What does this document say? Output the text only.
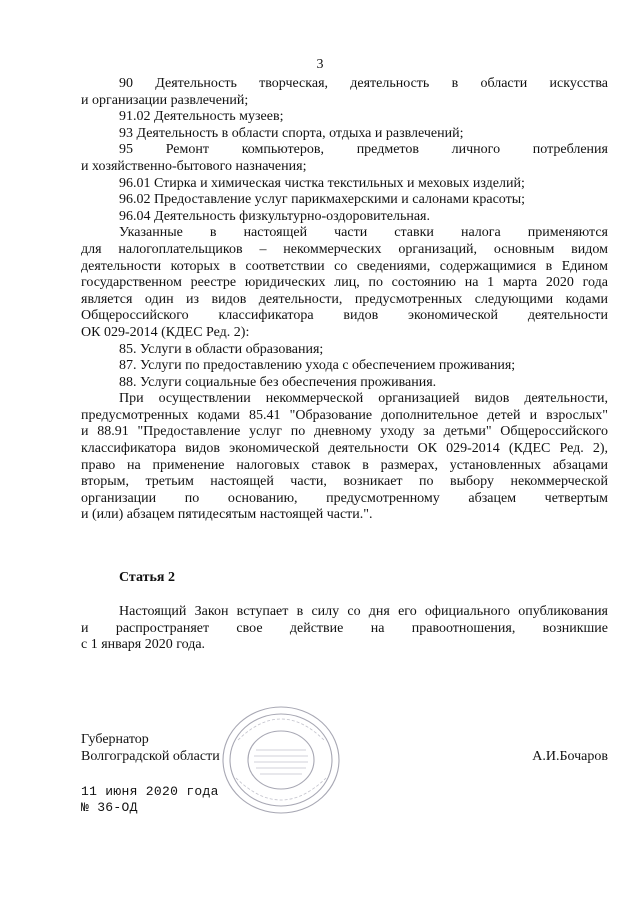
3

90 Деятельность творческая, деятельность в области искусства

и организации развлечений;

91.02 Деятельность музеев;

93 Деятельность в области спорта, отдыха и развлечений;

95 Ремонт компьютеров, предметов личного потребления

и хозяйственно-бытового назначения;

96.01 Стирка и химическая чистка текстильных и меховых изделий;

96.02 Предоставление услуг парикмахерскими и салонами красоты;

96.04 Деятельность физкультурно-оздоровительная.

Указанные в настоящей части ставки налога применяются

для налогоплательщиков – некоммерческих организаций, основным видом

деятельности которых в соответствии со сведениями, содержащимися в Едином

государственном реестре юридических лиц, по состоянию на 1 марта 2020 года

является один из видов деятельности, предусмотренных следующими кодами

Общероссийского классификатора видов экономической деятельности

ОК 029-2014 (КДЕС Ред. 2):

85. Услуги в области образования;

87. Услуги по предоставлению ухода с обеспечением проживания;

88. Услуги социальные без обеспечения проживания.

При осуществлении некоммерческой организацией видов деятельности,

предусмотренных кодами 85.41 "Образование дополнительное детей и взрослых"

и 88.91 "Предоставление услуг по дневному уходу за детьми" Общероссийского

классификатора видов экономической деятельности ОК 029-2014 (КДЕС Ред. 2),

право на применение налоговых ставок в размерах, установленных абзацами

вторым, третьим настоящей части, возникает по выбору некоммерческой

организации по основанию, предусмотренному абзацем четвертым

и (или) абзацем пятидесятым настоящей части.".

Статья 2

Настоящий Закон вступает в силу со дня его официального опубликования

и распространяет свое действие на правоотношения, возникшие

с 1 января 2020 года.

Губернатор
Волгоградской области	А.И.Бочаров
11 июня 2020 года
№ 36-ОД
